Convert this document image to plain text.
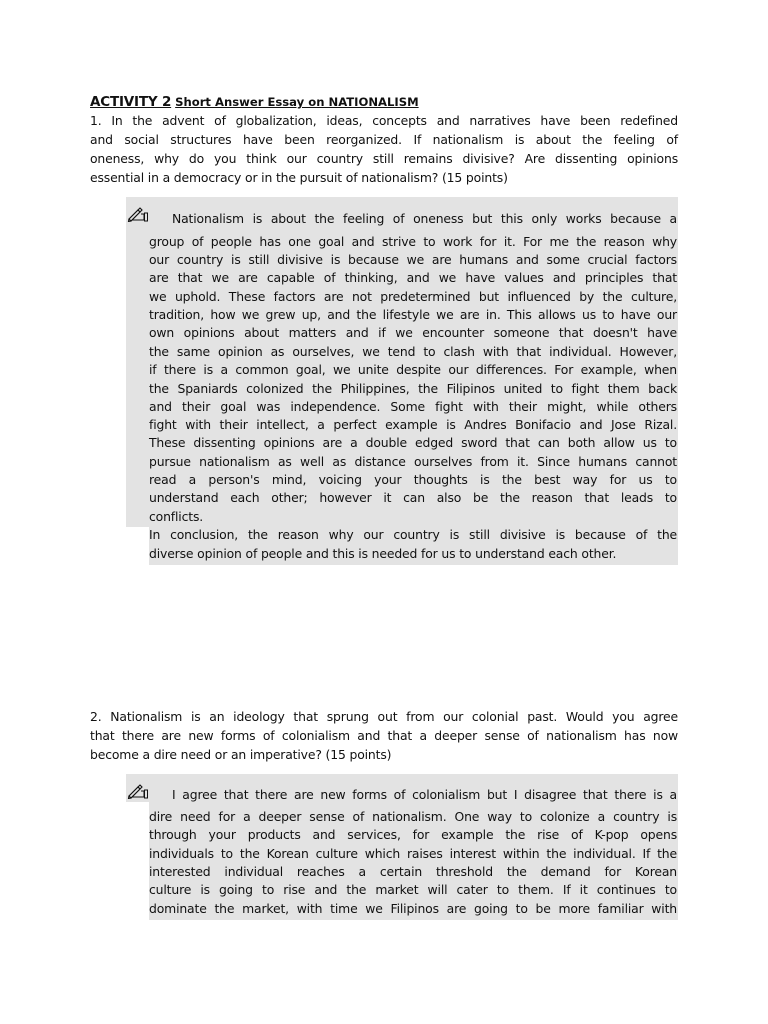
ACTIVITY 2 Short Answer Essay on NATIONALISM
1. In the advent of globalization, ideas, concepts and narratives have been redefined
and social structures have been reorganized. If nationalism is about the feeling of
oneness, why do you think our country still remains divisive? Are dissenting opinions
essential in a democracy or in the pursuit of nationalism? (15 points)
Nationalism is about the feeling of oneness but this only works because a
group of people has one goal and strive to work for it. For me the reason why
our country is still divisive is because we are humans and some crucial factors
are that we are capable of thinking, and we have values and principles that
we uphold. These factors are not predetermined but influenced by the culture,
tradition, how we grew up, and the lifestyle we are in. This allows us to have our
own opinions about matters and if we encounter someone that doesn't have
the same opinion as ourselves, we tend to clash with that individual. However,
if there is a common goal, we unite despite our differences. For example, when
the Spaniards colonized the Philippines, the Filipinos united to fight them back
and their goal was independence. Some fight with their might, while others
fight with their intellect, a perfect example is Andres Bonifacio and Jose Rizal.
These dissenting opinions are a double edged sword that can both allow us to
pursue nationalism as well as distance ourselves from it. Since humans cannot
read a person's mind, voicing your thoughts is the best way for us to
understand each other; however it can also be the reason that leads to
conflicts.
In conclusion, the reason why our country is still divisive is because of the
diverse opinion of people and this is needed for us to understand each other.
2. Nationalism is an ideology that sprung out from our colonial past. Would you agree
that there are new forms of colonialism and that a deeper sense of nationalism has now
become a dire need or an imperative? (15 points)
I agree that there are new forms of colonialism but I disagree that there is a
dire need for a deeper sense of nationalism. One way to colonize a country is
through your products and services, for example the rise of K-pop opens
individuals to the Korean culture which raises interest within the individual. If the
interested individual reaches a certain threshold the demand for Korean
culture is going to rise and the market will cater to them. If it continues to
dominate the market, with time we Filipinos are going to be more familiar with
